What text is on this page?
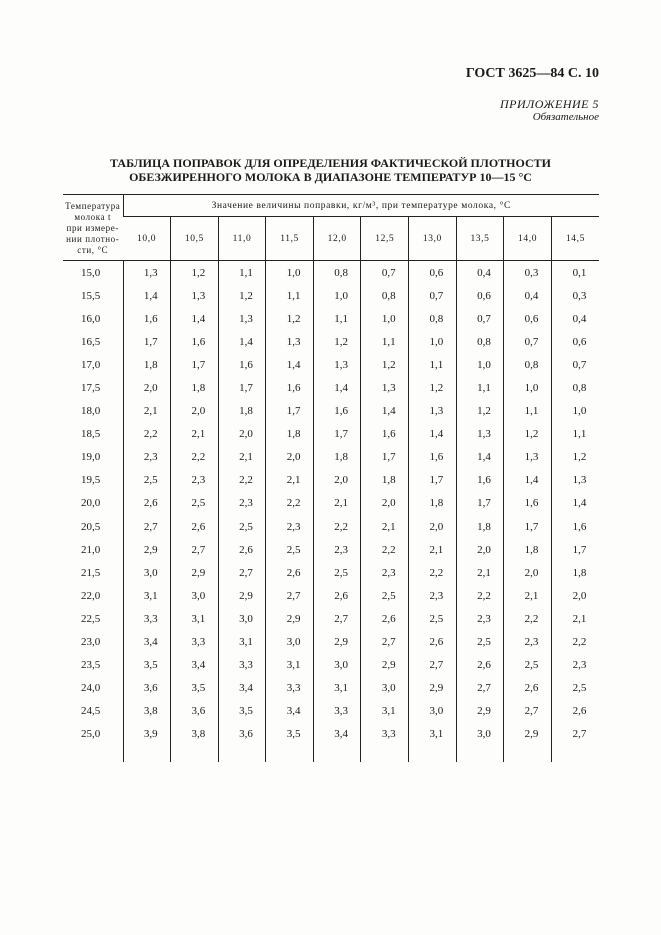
ГОСТ 3625—84 С. 10
ПРИЛОЖЕНИЕ 5
Обязательное
ТАБЛИЦА ПОПРАВОК ДЛЯ ОПРЕДЕЛЕНИЯ ФАКТИЧЕСКОЙ ПЛОТНОСТИ
ОБЕЗЖИРЕННОГО МОЛОКА В ДИАПАЗОНЕ ТЕМПЕРАТУР 10—15 °С
Температура
молока t
при измере-
нии плотно-
сти, °С	Значение величины поправки, кг/м³, при температуре молока, °С									
	10,0	10,5	11,0	11,5	12,0	12,5	13,0	13,5	14,0	14,5
15,0	1,3	1,2	1,1	1,0	0,8	0,7	0,6	0,4	0,3	0,1
15,5	1,4	1,3	1,2	1,1	1,0	0,8	0,7	0,6	0,4	0,3
16,0	1,6	1,4	1,3	1,2	1,1	1,0	0,8	0,7	0,6	0,4
16,5	1,7	1,6	1,4	1,3	1,2	1,1	1,0	0,8	0,7	0,6
17,0	1,8	1,7	1,6	1,4	1,3	1,2	1,1	1,0	0,8	0,7
17,5	2,0	1,8	1,7	1,6	1,4	1,3	1,2	1,1	1,0	0,8
18,0	2,1	2,0	1,8	1,7	1,6	1,4	1,3	1,2	1,1	1,0
18,5	2,2	2,1	2,0	1,8	1,7	1,6	1,4	1,3	1,2	1,1
19,0	2,3	2,2	2,1	2,0	1,8	1,7	1,6	1,4	1,3	1,2
19,5	2,5	2,3	2,2	2,1	2,0	1,8	1,7	1,6	1,4	1,3
20,0	2,6	2,5	2,3	2,2	2,1	2,0	1,8	1,7	1,6	1,4
20,5	2,7	2,6	2,5	2,3	2,2	2,1	2,0	1,8	1,7	1,6
21,0	2,9	2,7	2,6	2,5	2,3	2,2	2,1	2,0	1,8	1,7
21,5	3,0	2,9	2,7	2,6	2,5	2,3	2,2	2,1	2,0	1,8
22,0	3,1	3,0	2,9	2,7	2,6	2,5	2,3	2,2	2,1	2,0
22,5	3,3	3,1	3,0	2,9	2,7	2,6	2,5	2,3	2,2	2,1
23,0	3,4	3,3	3,1	3,0	2,9	2,7	2,6	2,5	2,3	2,2
23,5	3,5	3,4	3,3	3,1	3,0	2,9	2,7	2,6	2,5	2,3
24,0	3,6	3,5	3,4	3,3	3,1	3,0	2,9	2,7	2,6	2,5
24,5	3,8	3,6	3,5	3,4	3,3	3,1	3,0	2,9	2,7	2,6
25,0	3,9	3,8	3,6	3,5	3,4	3,3	3,1	3,0	2,9	2,7
